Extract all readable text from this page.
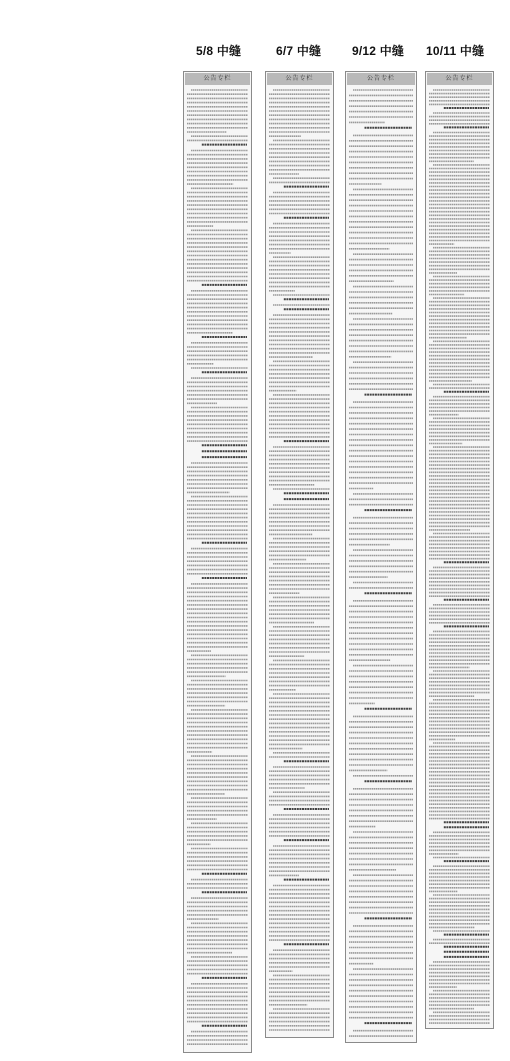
5/8 中缝
公告专栏
6/7 中缝
公告专栏
9/12 中缝
公告专栏
10/11 中缝
公告专栏
